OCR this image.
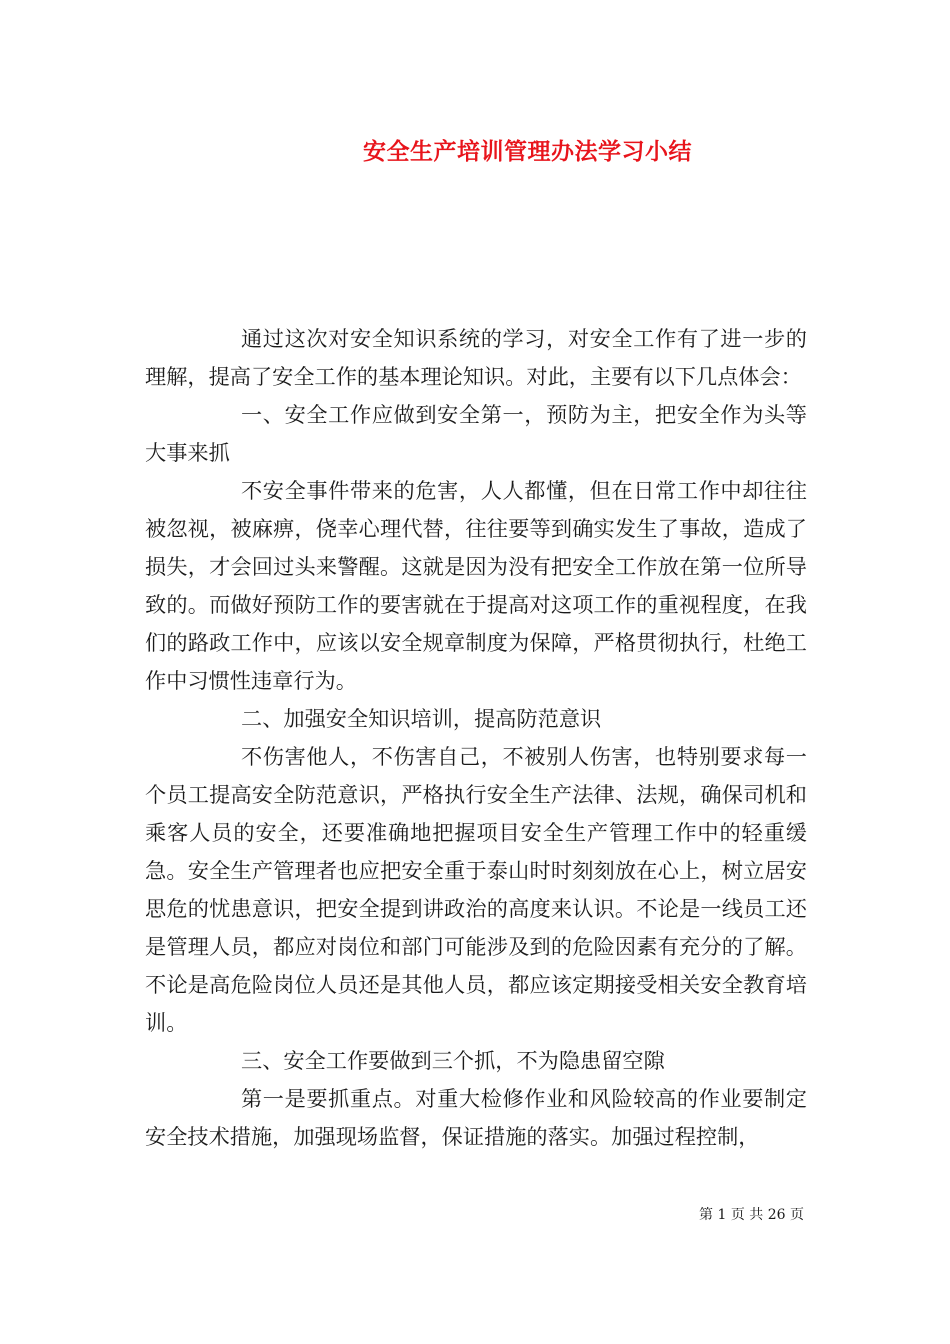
安全生产培训管理办法学习小结

通过这次对安全知识系统的学习，对安全工作有了进一步的理解，提高了安全工作的基本理论知识。对此，主要有以下几点体会：

一、安全工作应做到安全第一，预防为主，把安全作为头等大事来抓

不安全事件带来的危害，人人都懂，但在日常工作中却往往被忽视，被麻痹，侥幸心理代替，往往要等到确实发生了事故，造成了损失，才会回过头来警醒。这就是因为没有把安全工作放在第一位所导致的。而做好预防工作的要害就在于提高对这项工作的重视程度，在我们的路政工作中，应该以安全规章制度为保障，严格贯彻执行，杜绝工作中习惯性违章行为。

二、加强安全知识培训，提高防范意识

不伤害他人，不伤害自己，不被别人伤害，也特别要求每一个员工提高安全防范意识，严格执行安全生产法律、法规，确保司机和乘客人员的安全，还要准确地把握项目安全生产管理工作中的轻重缓急。安全生产管理者也应把安全重于泰山时时刻刻放在心上，树立居安思危的忧患意识，把安全提到讲政治的高度来认识。不论是一线员工还是管理人员，都应对岗位和部门可能涉及到的危险因素有充分的了解。不论是高危险岗位人员还是其他人员，都应该定期接受相关安全教育培训。

三、安全工作要做到三个抓，不为隐患留空隙

第一是要抓重点。对重大检修作业和风险较高的作业要制定安全技术措施，加强现场监督，保证措施的落实。加强过程控制，

第 1 页 共 26 页
